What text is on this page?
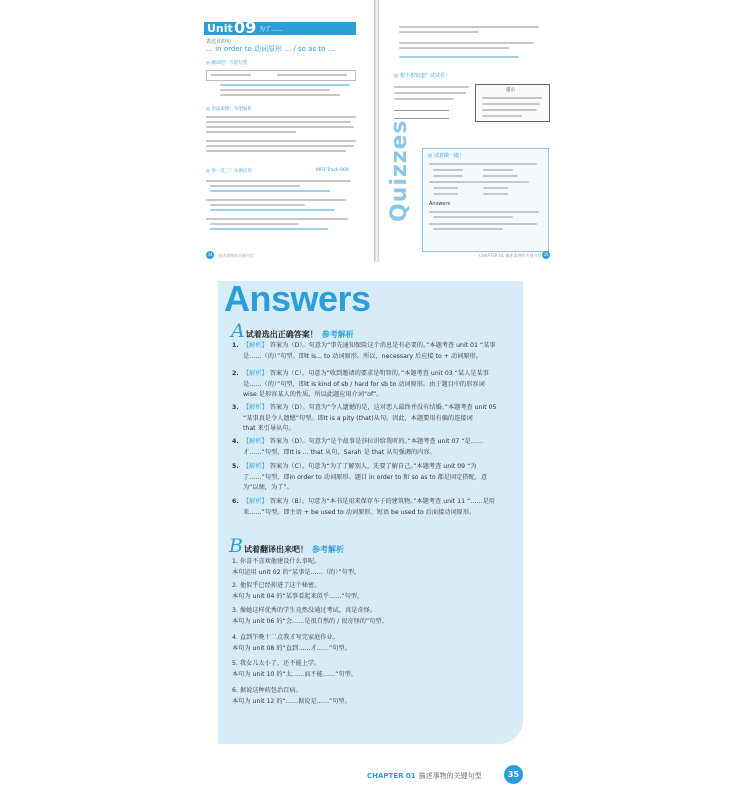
Unit 09 为了……
表达目的句
… in order to 动词原形 … / so as to …
◎ 翻译吧！万能句型
◎ 语法说明！句型解析
◎ 举一反三！实例应用	MP3 Track 009
34	表达事物的关键句型
◎ 想不想知道？试试看！
提示
Quizzes	◎ 试着做一做！
Answers
CHAPTER 01 描述事物的关键句型 35
Answers
A试着选出正确答案！ 参考解析
1. 【解析】 答案为（D）。句意为“事先通知保险这个消息是有必要的。”本题考查 unit 01 “某事
是……（的）”句型。即It is... to 动词原形。所以，necessary 后应接 to + 动词原形。
2. 【解析】 答案为（C）。句意为“收到邀请的要求是明智的。”本题考查 unit 03 “某人是某事
是……（的）”句型，即It is kind of sb / hard for sb to 动词原形。由于题目中的形容词
wise 是形容某人的性质，所以此题应用介词“of”。
3. 【解析】 答案为（D）。句意为“令人遗憾的是，这对恋人最终并没有结婚。”本题考查 unit 05
“某事真是令人遗憾”句型。即It is a pity (that)从句。因此，本题要用有偏的连接词
that 来引导从句。
4. 【解析】 答案为（D）。句意为“是个故事是莎拉讲给我听的。”本题考查 unit 07 “是……
才……”句型。即It is ... that 从句，Sarah 是 that 从句强调的内容。
5. 【解析】 答案为（C）。句意为“为了了解别人，先要了解自己。”本题考查 unit 09 “为
了……”句型，即in order to 动词原形。题目 in order to 和 so as to 都是固定搭配，意
为“以便，为了”。
6. 【解析】 答案为（B）。句意为“本书是用来保存车子的建筑物。”本题考查 unit 11 “……是用
来……”句型。即主语 + be used to 动词原形。短语 be used to 后面接动词原形。
B试着翻译出来吧！ 参考解析
1. 你喜不喜欢他建设什么事呢。
本句运用 unit 02 的“某事是……（的）”句型。
2. 他似乎已经掉进了这个秘密。
本句为 unit 04 的“某事看起来似乎……”句型。
3. 像她这样优秀的学生竟然没通过考试，真是奇怪。
本句为 unit 06 的“会……是很自然的 / 很奇怪的”句型。
4. 直到午晚十二点我才写完家庭作业。
本句为 unit 08 的“直到……才……”句型。
5. 我女儿太小了，还不能上学。
本句为 unit 10 的“太……而不能……”句型。
6. 据说这种药包治百病。
本句为 unit 12 的“……据说是……”句型。
CHAPTER 01 描述事物的关键句型	35
